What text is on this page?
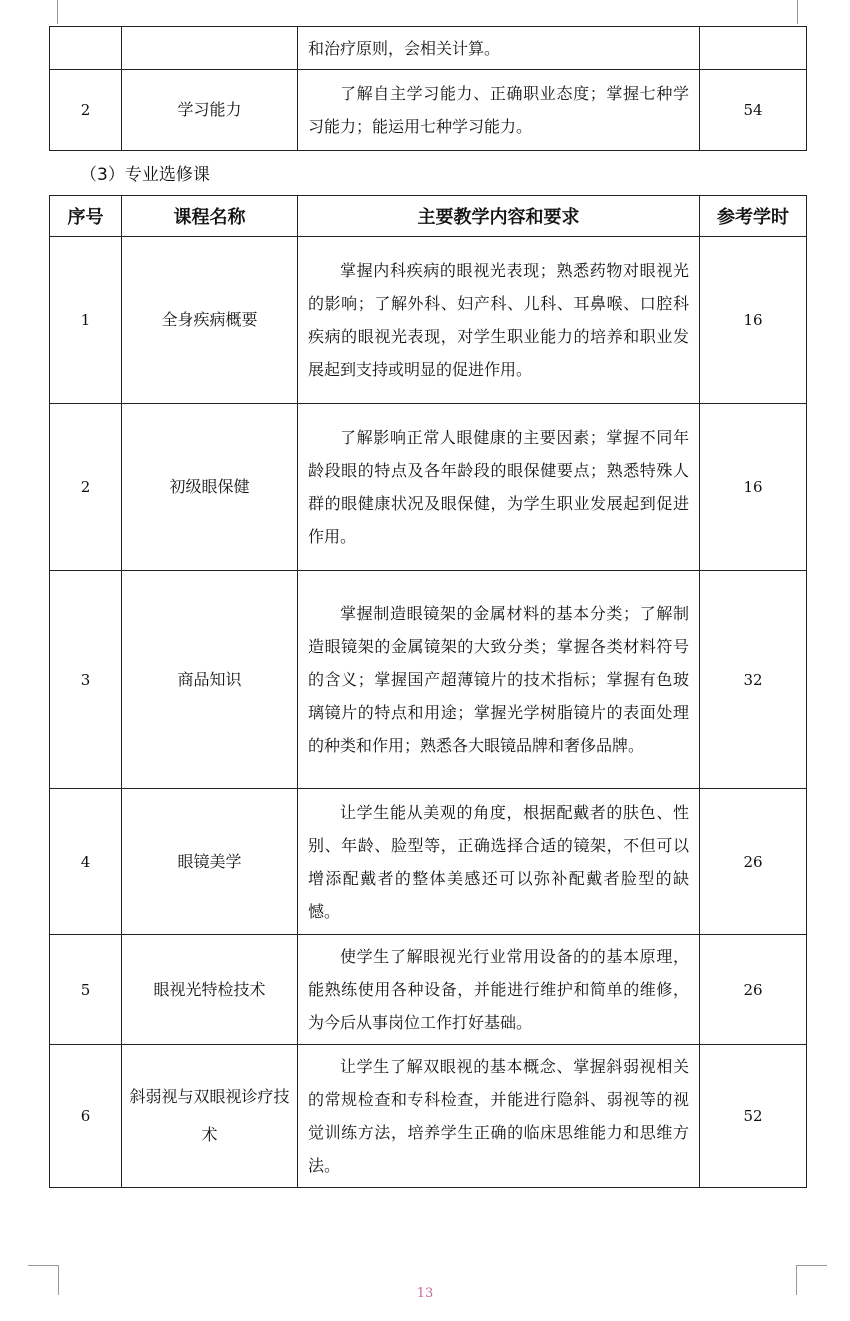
		和治疗原则，会相关计算。	

2	学习能力	了解自主学习能力、正确职业态度；掌握七种学习能力；能运用七种学习能力。	54
（3）专业选修课
序号	课程名称	主要教学内容和要求	参考学时
1	全身疾病概要	掌握内科疾病的眼视光表现；熟悉药物对眼视光的影响；了解外科、妇产科、儿科、耳鼻喉、口腔科疾病的眼视光表现，对学生职业能力的培养和职业发展起到支持或明显的促进作用。	16
2	初级眼保健	了解影响正常人眼健康的主要因素；掌握不同年龄段眼的特点及各年龄段的眼保健要点；熟悉特殊人群的眼健康状况及眼保健，为学生职业发展起到促进作用。	16
3	商品知识	掌握制造眼镜架的金属材料的基本分类；了解制造眼镜架的金属镜架的大致分类；掌握各类材料符号的含义；掌握国产超薄镜片的技术指标；掌握有色玻璃镜片的特点和用途；掌握光学树脂镜片的表面处理的种类和作用；熟悉各大眼镜品牌和奢侈品牌。	32
4	眼镜美学	让学生能从美观的角度，根据配戴者的肤色、性别、年龄、脸型等，正确选择合适的镜架，不但可以增添配戴者的整体美感还可以弥补配戴者脸型的缺憾。	26
5	眼视光特检技术	使学生了解眼视光行业常用设备的的基本原理，能熟练使用各种设备，并能进行维护和简单的维修，为今后从事岗位工作打好基础。	26
6	斜弱视与双眼视诊疗技术	让学生了解双眼视的基本概念、掌握斜弱视相关的常规检查和专科检查，并能进行隐斜、弱视等的视觉训练方法，培养学生正确的临床思维能力和思维方法。	52
13
